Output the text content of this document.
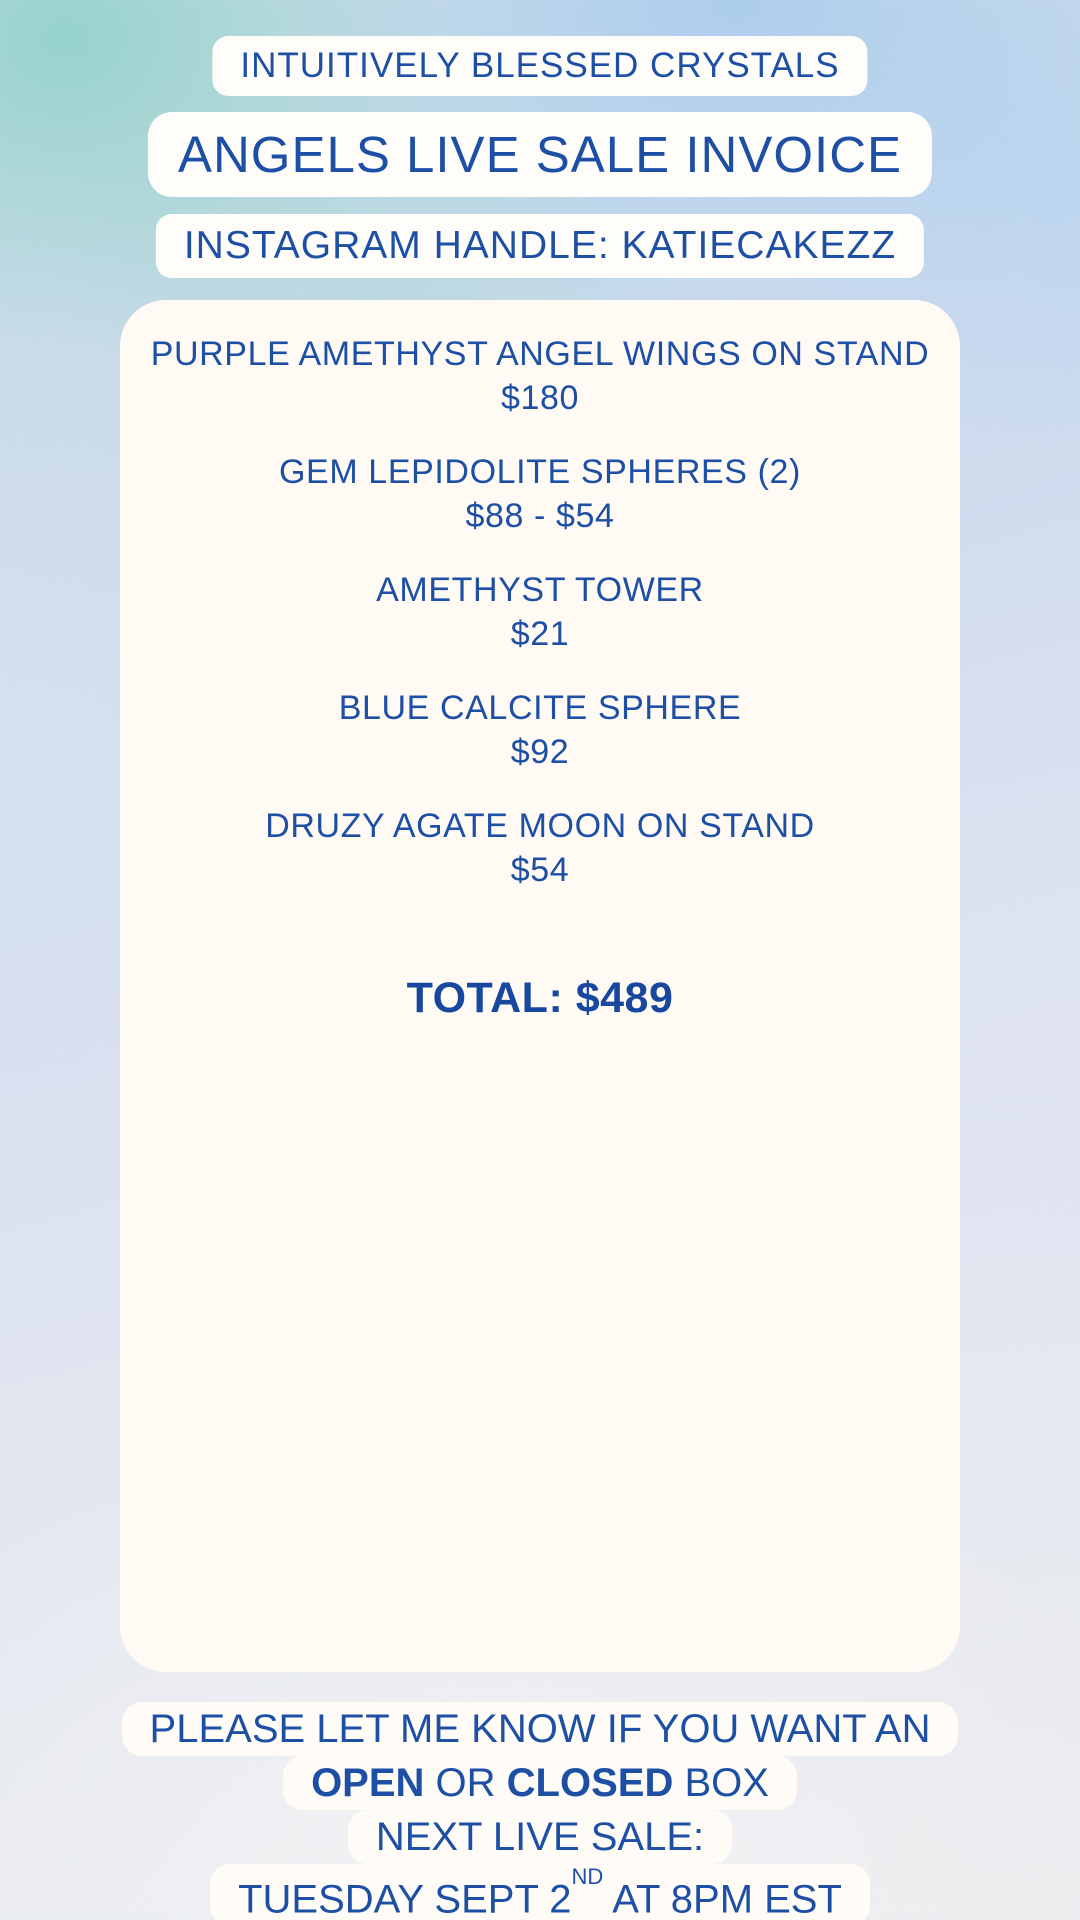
INTUITIVELY BLESSED CRYSTALS
ANGELS LIVE SALE INVOICE
INSTAGRAM HANDLE: KATIECAKEZZ
PURPLE AMETHYST ANGEL WINGS ON STAND
$180
GEM LEPIDOLITE SPHERES (2)
$88 - $54
AMETHYST TOWER
$21
BLUE CALCITE SPHERE
$92
DRUZY AGATE MOON ON STAND
$54
TOTAL: $489
PLEASE LET ME KNOW IF YOU WANT AN
OPEN OR CLOSED BOX
NEXT LIVE SALE:
TUESDAY SEPT 2ND AT 8PM EST
